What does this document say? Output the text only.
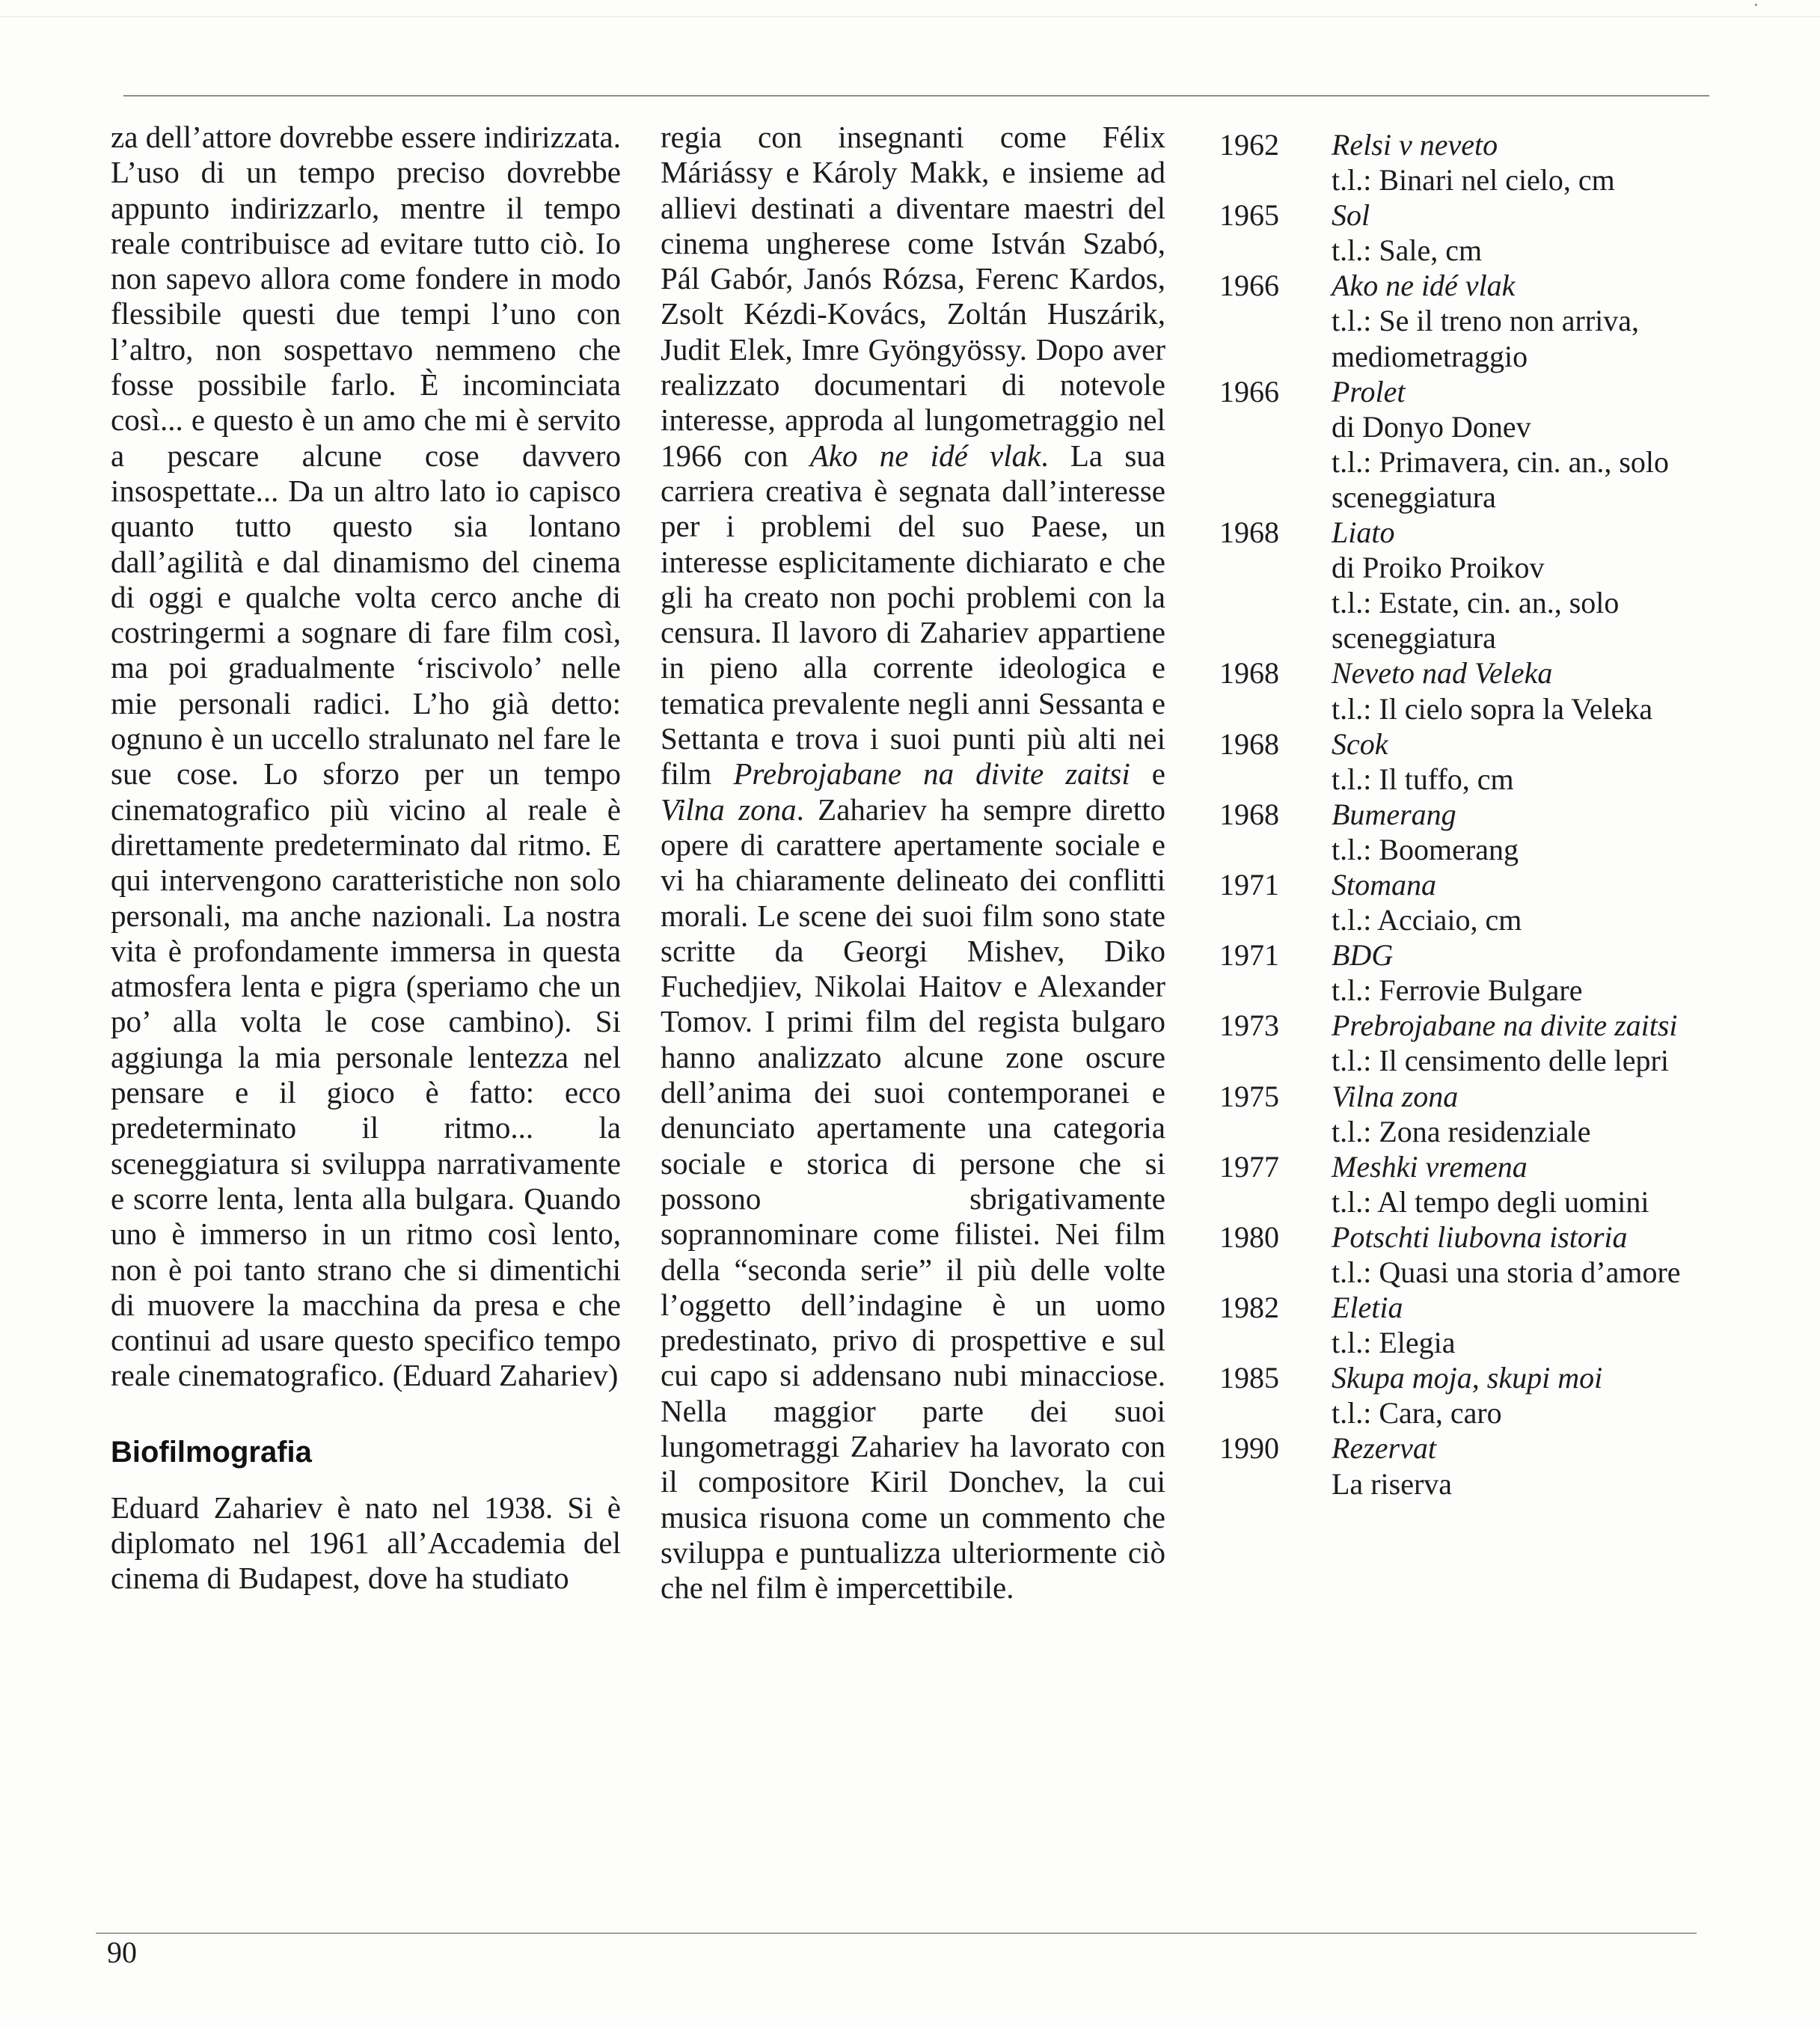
za dell’attore dovrebbe essere indirizzata. L’uso di un tempo preciso dovrebbe appunto indirizzarlo, mentre il tempo reale contribuisce ad evitare tutto ciò. Io non sapevo allora come fondere in modo flessibile questi due tempi l’uno con l’altro, non sospettavo nemmeno che fosse possibile farlo. È incominciata così... e questo è un amo che mi è servito a pescare alcune cose davvero insospettate... Da un altro lato io capisco quanto tutto questo sia lontano dall’agilità e dal dinamismo del cinema di oggi e qualche volta cerco anche di costringermi a sognare di fare film così, ma poi gradualmente ‘riscivolo’ nelle mie personali radici. L’ho già detto: ognuno è un uccello stralunato nel fare le sue cose. Lo sforzo per un tempo cinematografico più vicino al reale è direttamente predeterminato dal ritmo. E qui intervengono caratteristiche non solo personali, ma anche nazionali. La nostra vita è profondamente immersa in questa atmosfera lenta e pigra (speriamo che un po’ alla volta le cose cambino). Si aggiunga la mia personale lentezza nel pensare e il gioco è fatto: ecco predeterminato il ritmo... la sceneggiatura si sviluppa narrativamente e scorre lenta, lenta alla bulgara. Quando uno è immerso in un ritmo così lento, non è poi tanto strano che si dimentichi di muovere la macchina da presa e che continui ad usare questo specifico tempo reale cinematografico. (Eduard Zahariev)

Biofilmografia

Eduard Zahariev è nato nel 1938. Si è diplomato nel 1961 all’Accademia del cinema di Budapest, dove ha studiato

regia con insegnanti come Félix Máriássy e Károly Makk, e insieme ad allievi destinati a diventare maestri del cinema ungherese come István Szabó, Pál Gabór, Janós Rózsa, Ferenc Kardos, Zsolt Kézdi-Kovács, Zoltán Huszárik, Judit Elek, Imre Gyöngyössy. Dopo aver realizzato documentari di notevole interesse, approda al lungometraggio nel 1966 con Ako ne idé vlak. La sua carriera creativa è segnata dall’interesse per i problemi del suo Paese, un interesse esplicitamente dichiarato e che gli ha creato non pochi problemi con la censura. Il lavoro di Zahariev appartiene in pieno alla corrente ideologica e tematica prevalente negli anni Sessanta e Settanta e trova i suoi punti più alti nei film Prebrojabane na divite zaitsi e Vilna zona. Zahariev ha sempre diretto opere di carattere apertamente sociale e vi ha chiaramente delineato dei conflitti morali. Le scene dei suoi film sono state scritte da Georgi Mishev, Diko Fuchedjiev, Nikolai Haitov e Alexander Tomov. I primi film del regista bulgaro hanno analizzato alcune zone oscure dell’anima dei suoi contemporanei e denunciato apertamente una categoria sociale e storica di persone che si possono sbrigativamente soprannominare come filistei. Nei film della “seconda serie” il più delle volte l’oggetto dell’indagine è un uomo predestinato, privo di prospettive e sul cui capo si addensano nubi minacciose. Nella maggior parte dei suoi lungometraggi Zahariev ha lavorato con il compositore Kiril Donchev, la cui musica risuona come un commento che sviluppa e puntualizza ulteriormente ciò che nel film è impercettibile.

1962	Relsi v neveto
t.l.: Binari nel cielo, cm
1965	Sol
t.l.: Sale, cm
1966	Ako ne idé vlak
t.l.: Se il treno non arriva, mediometraggio
1966	Prolet
di Donyo Donev
t.l.: Primavera, cin. an., solo sceneggiatura
1968	Liato
di Proiko Proikov
t.l.: Estate, cin. an., solo sceneggiatura
1968	Neveto nad Veleka
t.l.: Il cielo sopra la Veleka
1968	Scok
t.l.: Il tuffo, cm
1968	Bumerang
t.l.: Boomerang
1971	Stomana
t.l.: Acciaio, cm
1971	BDG
t.l.: Ferrovie Bulgare
1973	Prebrojabane na divite zaitsi
t.l.: Il censimento delle lepri
1975	Vilna zona
t.l.: Zona residenziale
1977	Meshki vremena
t.l.: Al tempo degli uomini
1980	Potschti liubovna istoria
t.l.: Quasi una storia d’amore
1982	Eletia
t.l.: Elegia
1985	Skupa moja, skupi moi
t.l.: Cara, caro
1990	Rezervat
La riserva
90
